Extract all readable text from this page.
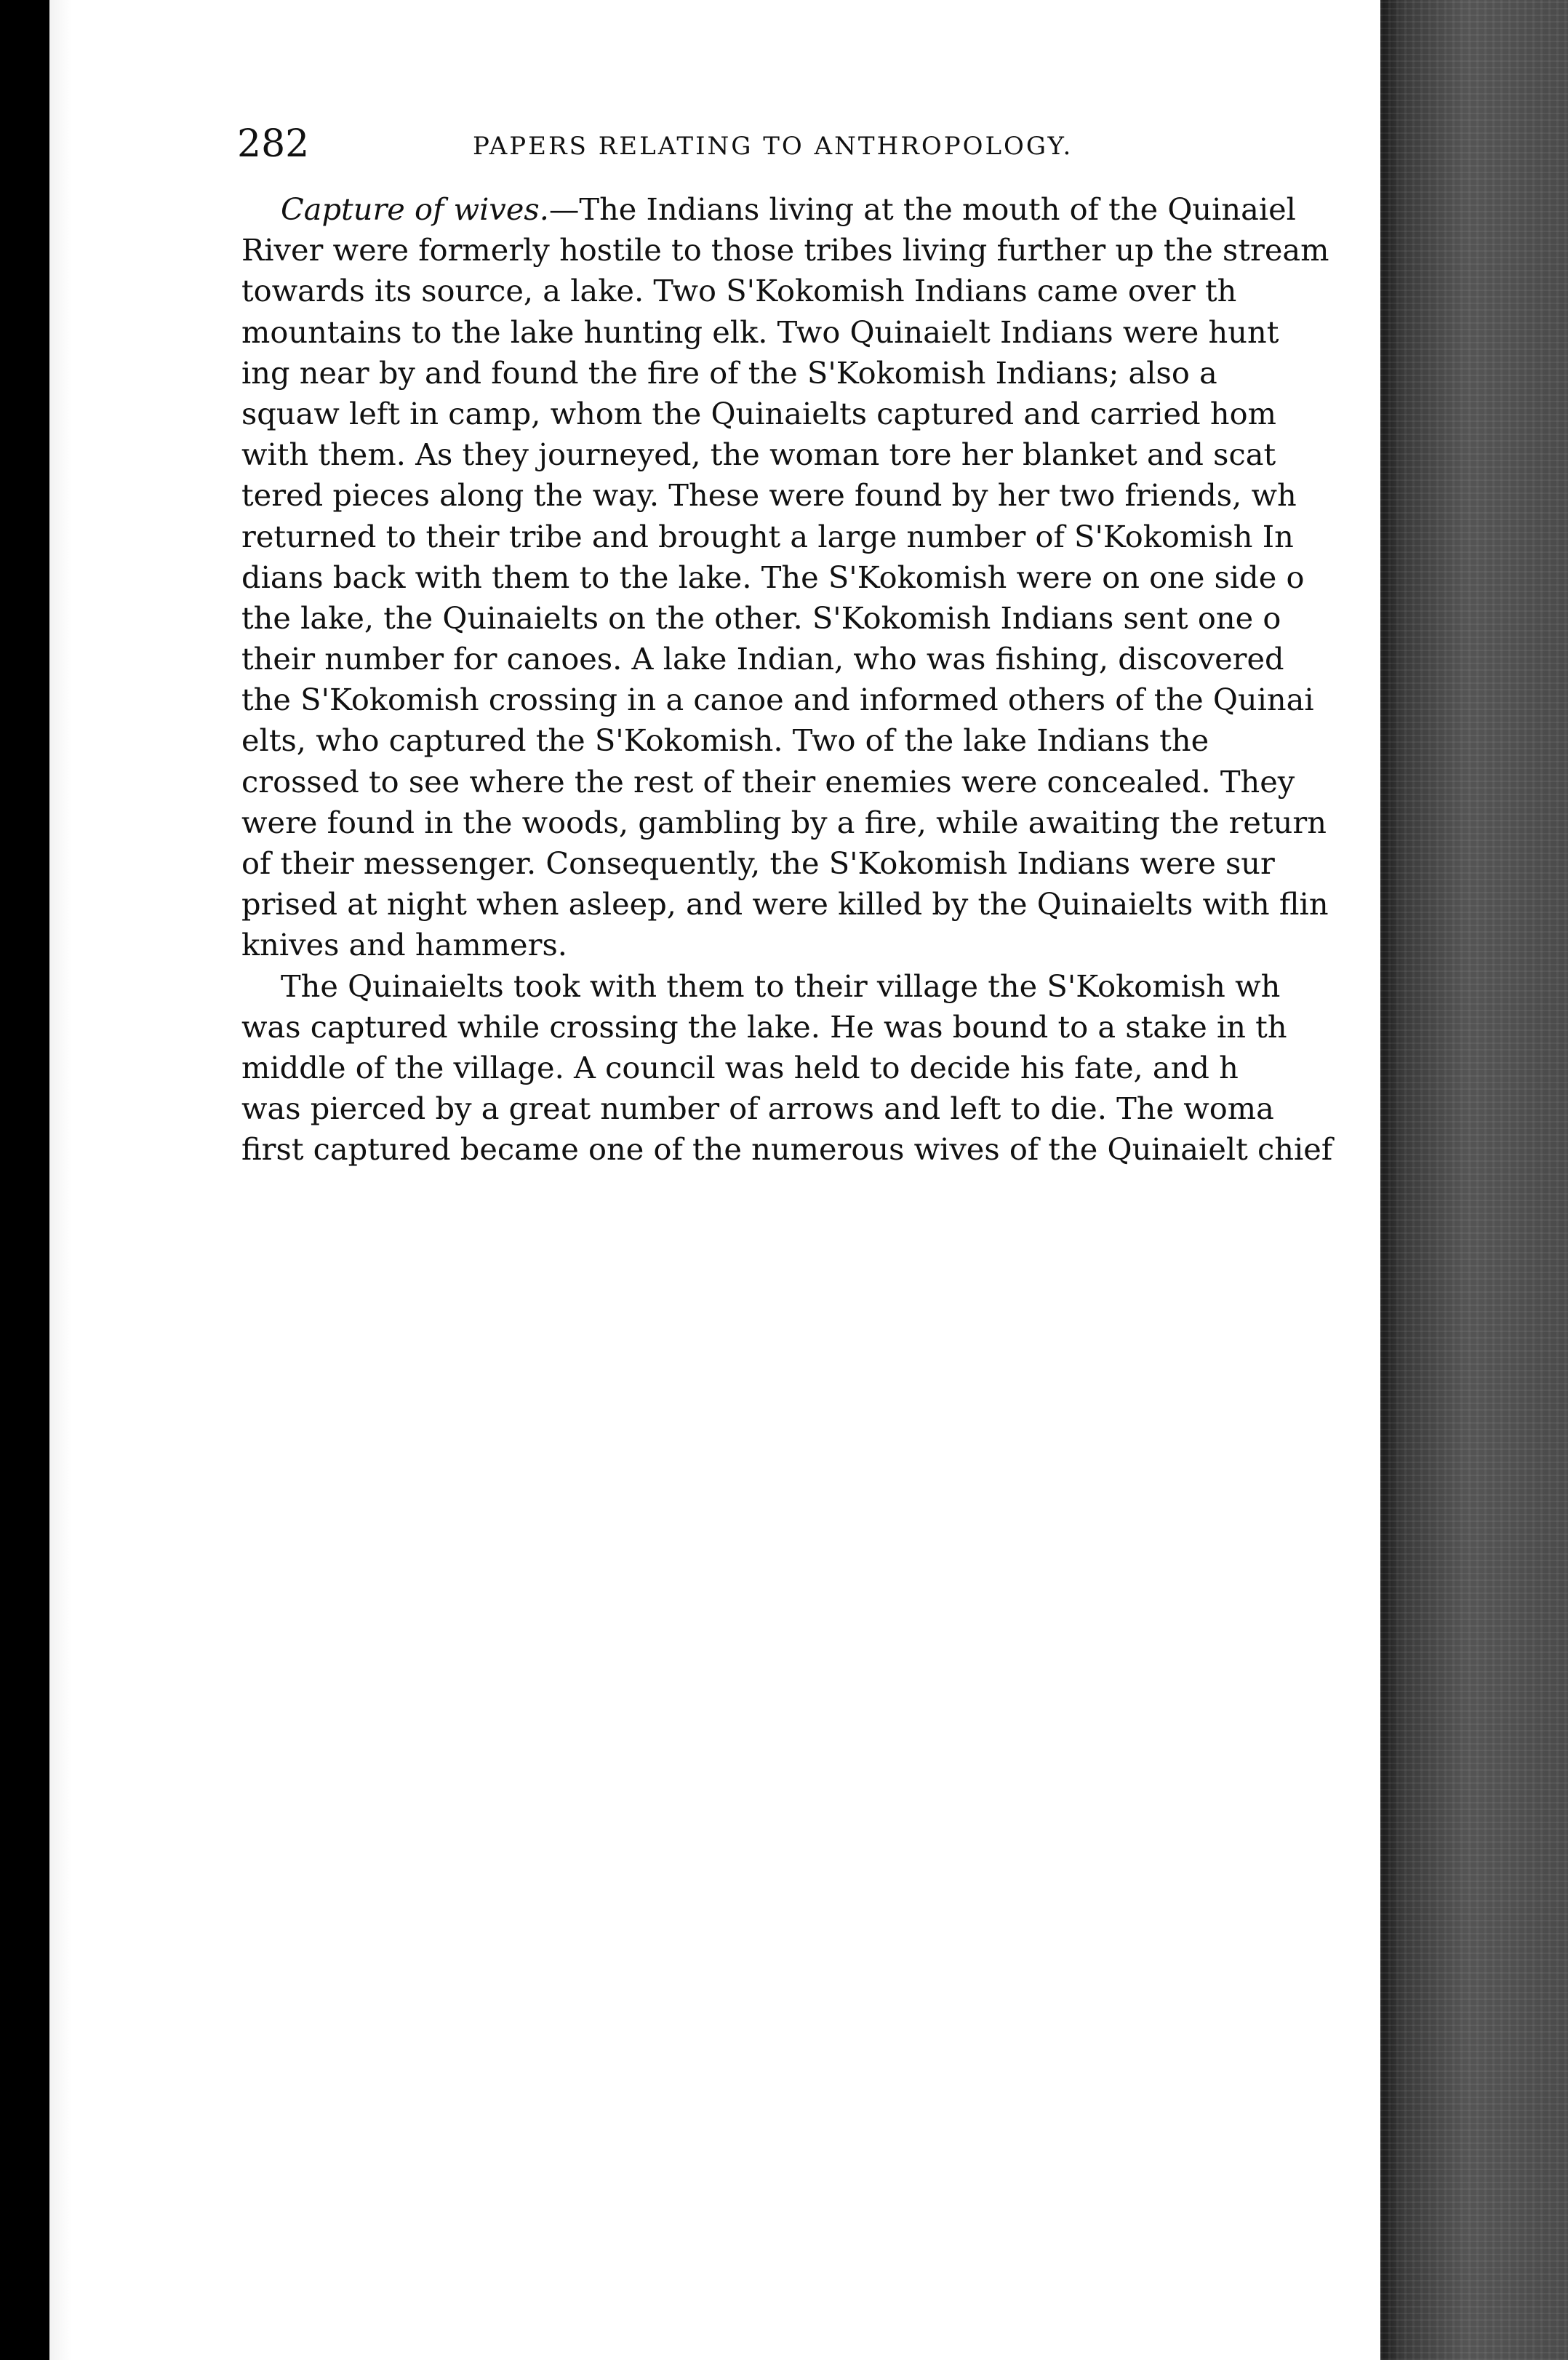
282	PAPERS RELATING TO ANTHROPOLOGY.
Capture of wives.—The Indians living at the mouth of the Quinaiel
River were formerly hostile to those tribes living further up the stream
towards its source, a lake. Two S'Kokomish Indians came over th
mountains to the lake hunting elk. Two Quinaielt Indians were hunt
ing near by and found the fire of the S'Kokomish Indians; also a
squaw left in camp, whom the Quinaielts captured and carried hom
with them. As they journeyed, the woman tore her blanket and scat
tered pieces along the way. These were found by her two friends, wh
returned to their tribe and brought a large number of S'Kokomish In
dians back with them to the lake. The S'Kokomish were on one side o
the lake, the Quinaielts on the other. S'Kokomish Indians sent one o
their number for canoes. A lake Indian, who was fishing, discovered
the S'Kokomish crossing in a canoe and informed others of the Quinai
elts, who captured the S'Kokomish. Two of the lake Indians the
crossed to see where the rest of their enemies were concealed. They
were found in the woods, gambling by a fire, while awaiting the return
of their messenger. Consequently, the S'Kokomish Indians were sur
prised at night when asleep, and were killed by the Quinaielts with flin
knives and hammers.
The Quinaielts took with them to their village the S'Kokomish wh
was captured while crossing the lake. He was bound to a stake in th
middle of the village. A council was held to decide his fate, and h
was pierced by a great number of arrows and left to die. The woma
first captured became one of the numerous wives of the Quinaielt chief
